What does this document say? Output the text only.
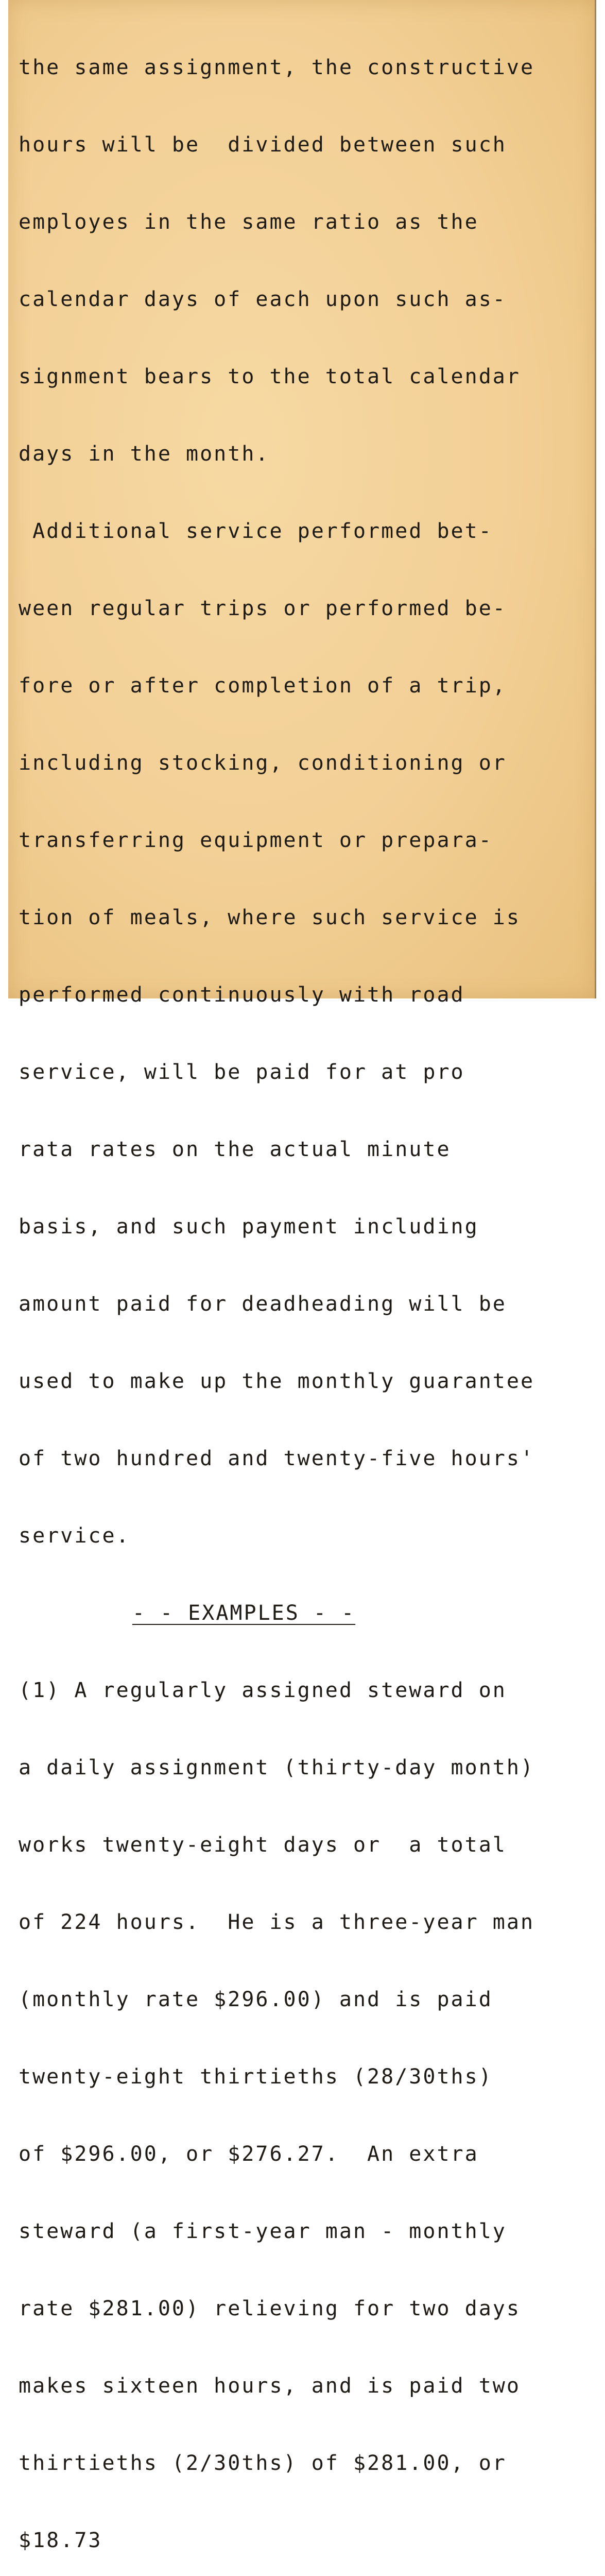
the same assignment, the constructive

hours will be  divided between such

employes in the same ratio as the

calendar days of each upon such as-

signment bears to the total calendar

days in the month.

Additional service performed bet-

ween regular trips or performed be-

fore or after completion of a trip,

including stocking, conditioning or

transferring equipment or prepara-

tion of meals, where such service is

performed continuously with road

service, will be paid for at pro

rata rates on the actual minute

basis, and such payment including

amount paid for deadheading will be

used to make up the monthly guarantee

of two hundred and twenty-five hours'

service.

- - EXAMPLES - -

(1) A regularly assigned steward on

a daily assignment (thirty-day month)

works twenty-eight days or  a total

of 224 hours.  He is a three-year man

(monthly rate $296.00) and is paid

twenty-eight thirtieths (28/30ths)

of $296.00, or $276.27.  An extra

steward (a first-year man - monthly

rate $281.00) relieving for two days

makes sixteen hours, and is paid two

thirtieths (2/30ths) of $281.00, or

$18.73
